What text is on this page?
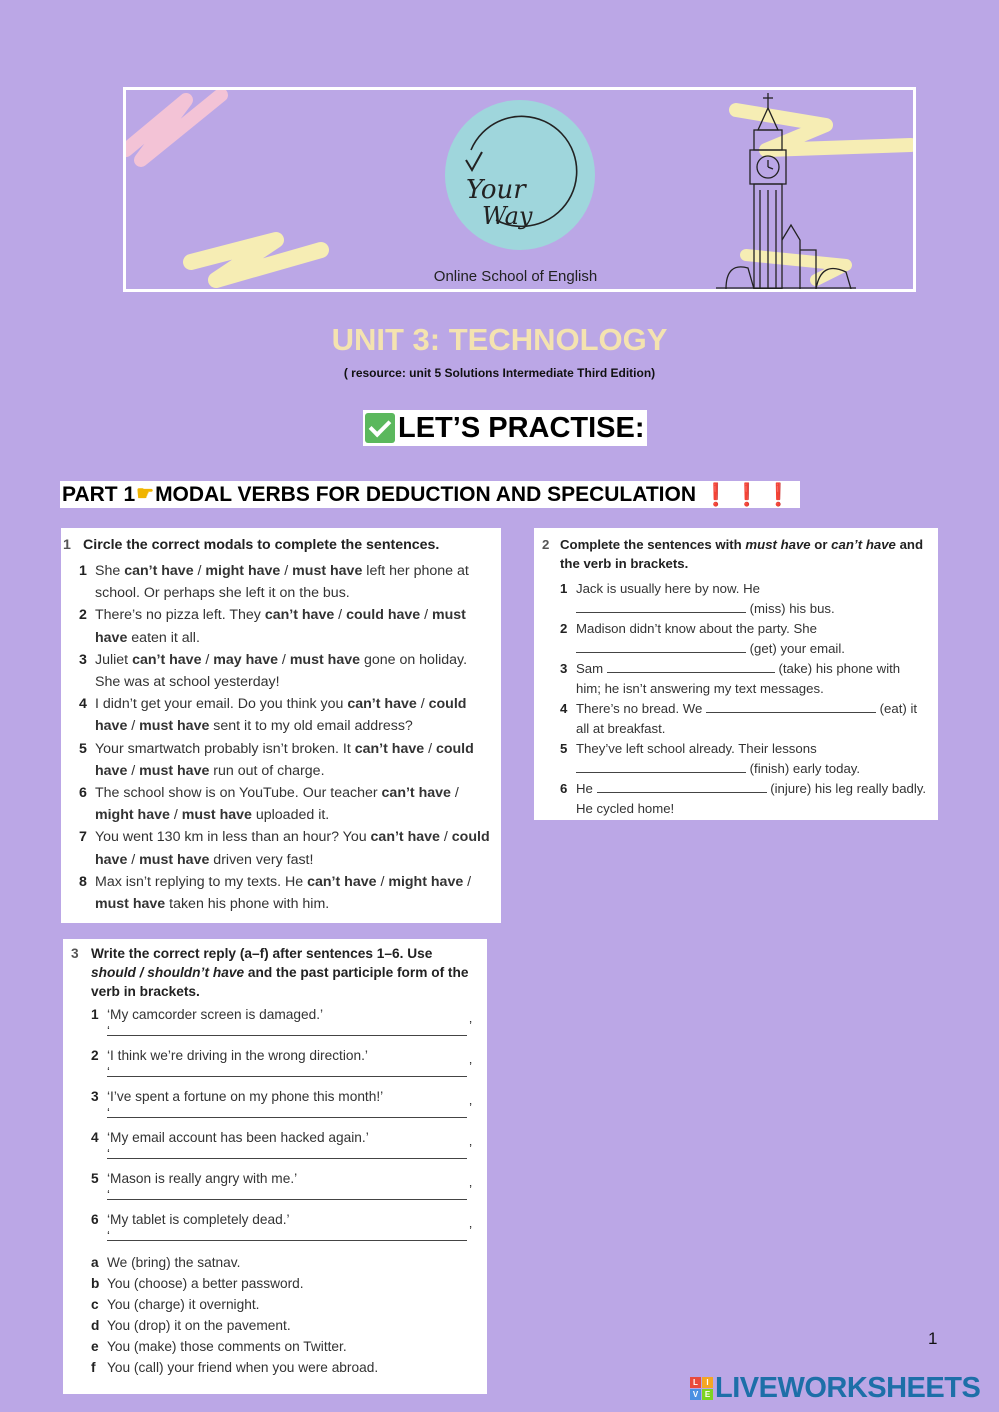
Your
Way
Online School of English
UNIT 3: TECHNOLOGY
( resource: unit 5 Solutions Intermediate Third Edition)
LET’S PRACTISE:
PART 1 ☛ MODAL VERBS FOR DEDUCTION AND SPECULATION ❗❗❗
1 Circle the correct modals to complete the sentences.
1 She can’t have / might have / must have left her phone at school. Or perhaps she left it on the bus.
2 There’s no pizza left. They can’t have / could have / must have eaten it all.
3 Juliet can’t have / may have / must have gone on holiday. She was at school yesterday!
4 I didn’t get your email. Do you think you can’t have / could have / must have sent it to my old email address?
5 Your smartwatch probably isn’t broken. It can’t have / could have / must have run out of charge.
6 The school show is on YouTube. Our teacher can’t have / might have / must have uploaded it.
7 You went 130 km in less than an hour? You can’t have / could have / must have driven very fast!
8 Max isn’t replying to my texts. He can’t have / might have / must have taken his phone with him.
2 Complete the sentences with must have or can’t have and the verb in brackets.
1 Jack is usually here by now. He  (miss) his bus.
2 Madison didn’t know about the party. She  (get) your email.
3 Sam	(take) his phone with him; he isn’t answering my text messages.
4 There’s no bread. We	(eat) it all at breakfast.
5 They’ve left school already. Their lessons  (finish) early today.
6 He	(injure) his leg really badly. He cycled home!
3 Write the correct reply (a–f) after sentences 1–6. Use should / shouldn’t have and the past participle form of the verb in brackets.
1 ‘My camcorder screen is damaged.’
‘	’
2 ‘I think we’re driving in the wrong direction.’
‘	’
3 ‘I’ve spent a fortune on my phone this month!’
‘	’
4 ‘My email account has been hacked again.’
‘	’
5 ‘Mason is really angry with me.’
‘	’
6 ‘My tablet is completely dead.’
‘	’
a We (bring) the satnav.
b You (choose) a better password.
c You (charge) it overnight.
d You (drop) it on the pavement.
e You (make) those comments on Twitter.
f You (call) your friend when you were abroad.
1
L	I
V E LIVEWORKSHEETS
